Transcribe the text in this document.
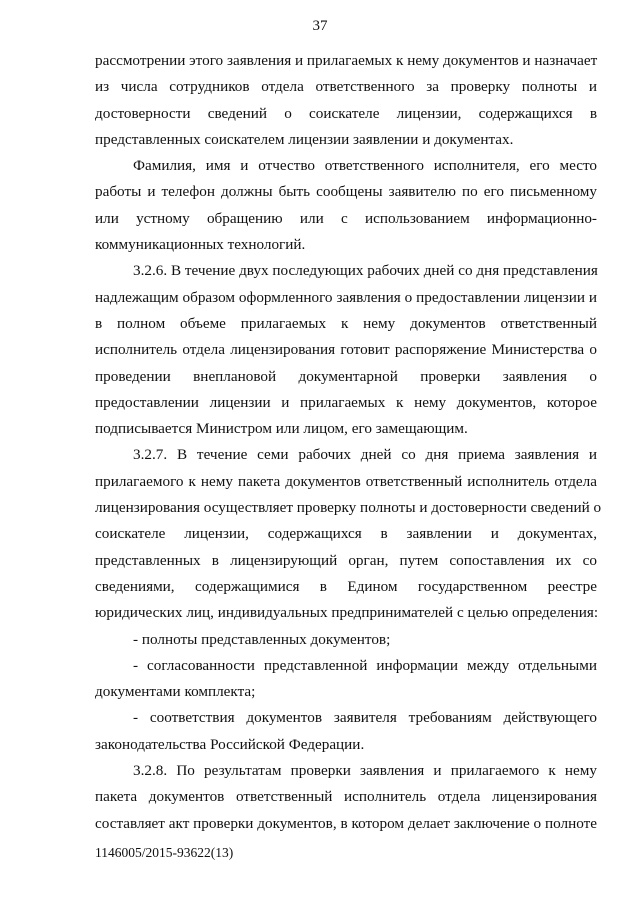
37
рассмотрении этого заявления и прилагаемых к нему документов и назначает
из числа сотрудников отдела ответственного за проверку полноты и
достоверности сведений о соискателе лицензии, содержащихся в
представленных соискателем лицензии заявлении и документах.
Фамилия, имя и отчество ответственного исполнителя, его место
работы и телефон должны быть сообщены заявителю по его письменному
или устному обращению или с использованием информационно-
коммуникационных технологий.
3.2.6. В течение двух последующих рабочих дней со дня представления
надлежащим образом оформленного заявления о предоставлении лицензии и
в полном объеме прилагаемых к нему документов ответственный
исполнитель отдела лицензирования готовит распоряжение Министерства о
проведении внеплановой документарной проверки заявления о
предоставлении лицензии и прилагаемых к нему документов, которое
подписывается Министром или лицом, его замещающим.
3.2.7. В течение семи рабочих дней со дня приема заявления и
прилагаемого к нему пакета документов ответственный исполнитель отдела
лицензирования осуществляет проверку полноты и достоверности сведений о
соискателе лицензии, содержащихся в заявлении и документах,
представленных в лицензирующий орган, путем сопоставления их со
сведениями, содержащимися в Едином государственном реестре
юридических лиц, индивидуальных предпринимателей с целью определения:
- полноты представленных документов;
- согласованности представленной информации между отдельными
документами комплекта;
- соответствия документов заявителя требованиям действующего
законодательства Российской Федерации.
3.2.8. По результатам проверки заявления и прилагаемого к нему
пакета документов ответственный исполнитель отдела лицензирования
составляет акт проверки документов, в котором делает заключение о полноте
1146005/2015-93622(13)
